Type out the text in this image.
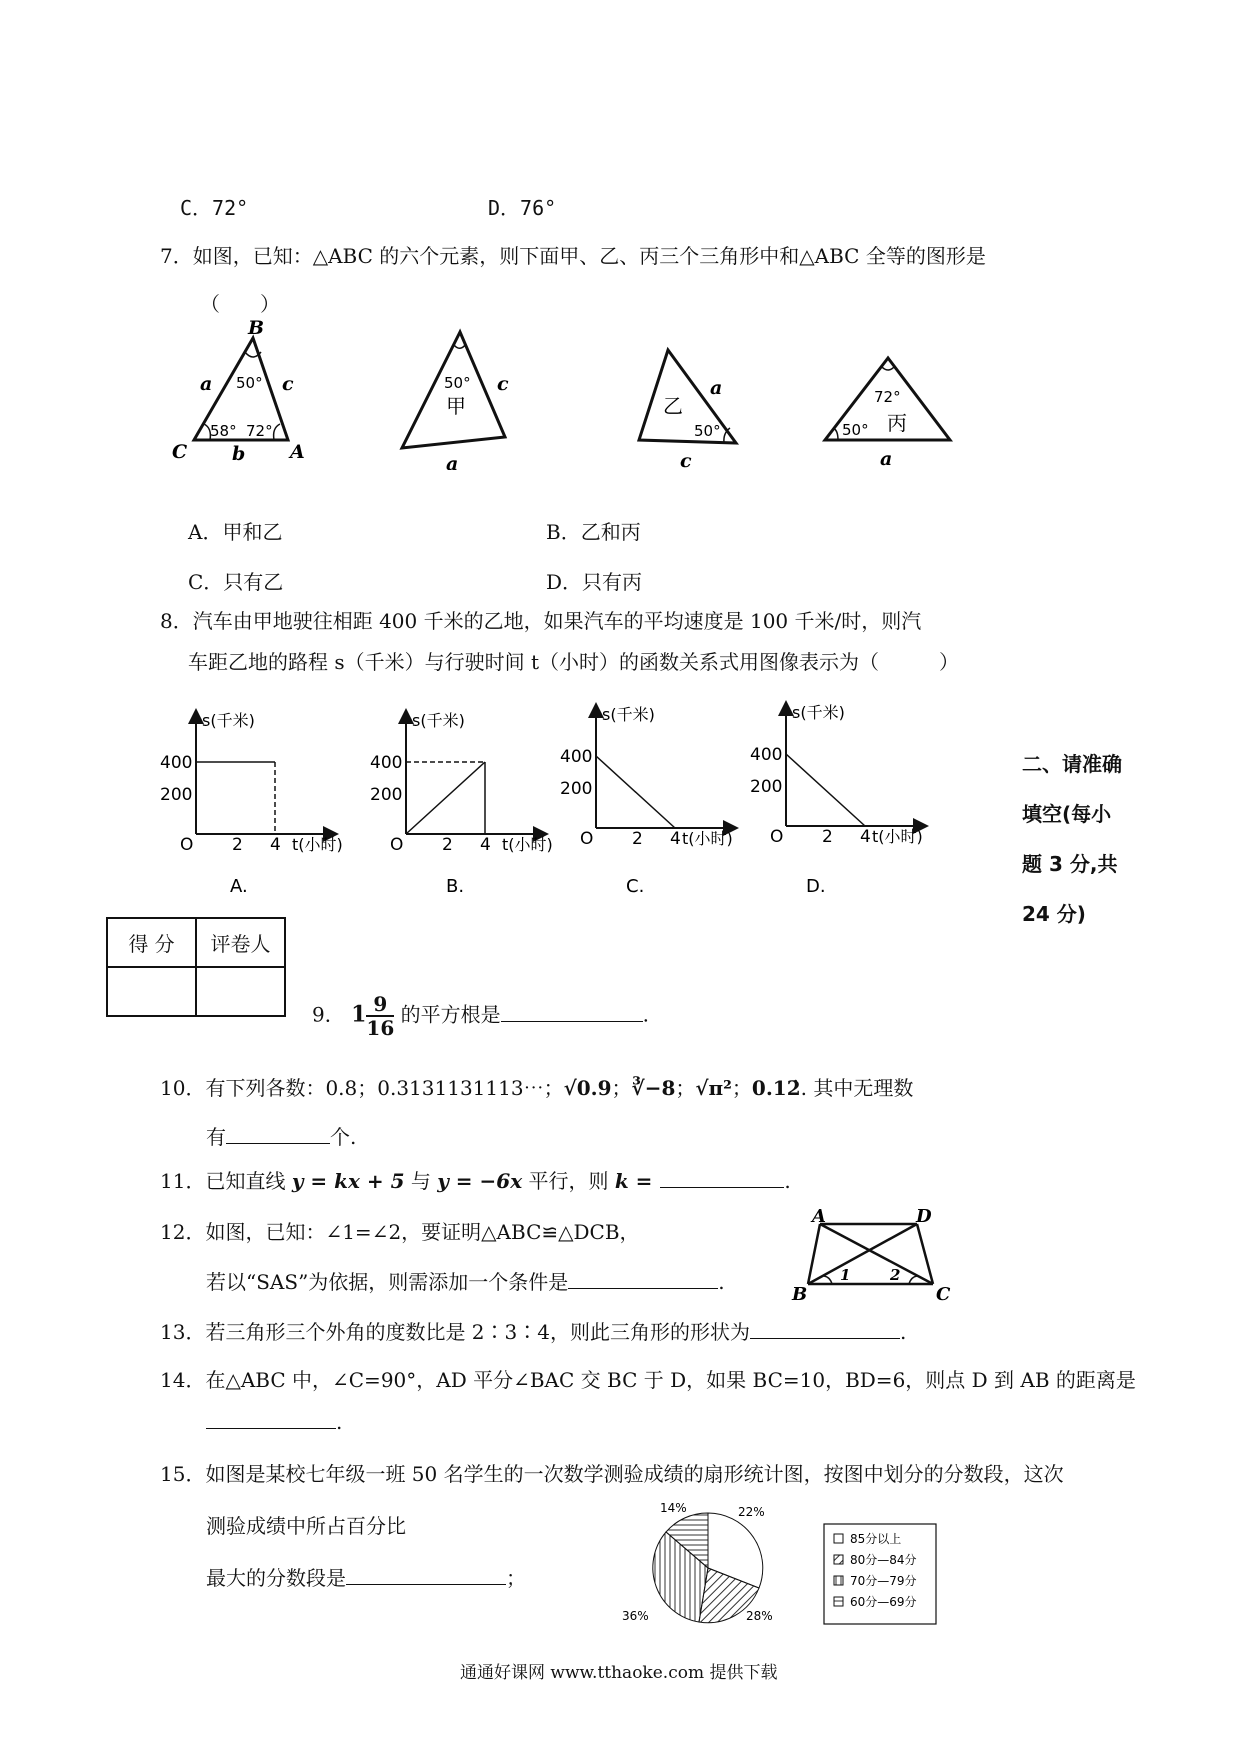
C．72°	D．76°
7．如图，已知：△ABC 的六个元素，则下面甲、乙、丙三个三角形中和△ABC 全等的图形是
（　　）
B
C	A
a
b
c
50°
58° 72°
50°
甲
c
a
乙
a
50°
c
72°
50° 丙
a
A．甲和乙	B．乙和丙
C．只有乙	D．只有丙
8．汽车由甲地驶往相距 400 千米的乙地，如果汽车的平均速度是 100 千米/时，则汽
车距乙地的路程 s（千米）与行驶时间 t（小时）的函数关系式用图像表示为（　　　）
s(千米)
400
200
O 2 4 t(小时)
A.
s(千米)
400
200
O 2 4 t(小时)
B.
s(千米)
400
200
O 2 4 t(小时)
C.
s(千米)
400
200
O 2 4 t(小时)
D.
二、请准确
填空(每小
题 3 分,共
24 分)
得 分	评卷人

9． $1 \frac{9}{16}$ 的平方根是	.
10．有下列各数：0.8；0.3131131113⋯；√0.9；∛−8；√π²；0.12̇. 其中无理数
有	个.
11．已知直线 y = kx + 5 与 y = −6x 平行，则 k =	.
12．如图，已知：∠1=∠2，要证明△ABC≌△DCB，
若以“SAS”为依据，则需添加一个条件是	.
A	D
B	C
1	2
13．若三角形三个外角的度数比是 2∶3∶4，则此三角形的形状为	.
14．在△ABC 中，∠C=90°，AD 平分∠BAC 交 BC 于 D，如果 BC=10，BD=6，则点 D 到 AB 的距离是
.
15．如图是某校七年级一班 50 名学生的一次数学测验成绩的扇形统计图，按图中划分的分数段，这次
测验成绩中所占百分比
最大的分数段是	；
14%	22%
28%
36%
85分以上
80分—84分
70分—79分
60分—69分
通通好课网 www.tthaoke.com 提供下载
